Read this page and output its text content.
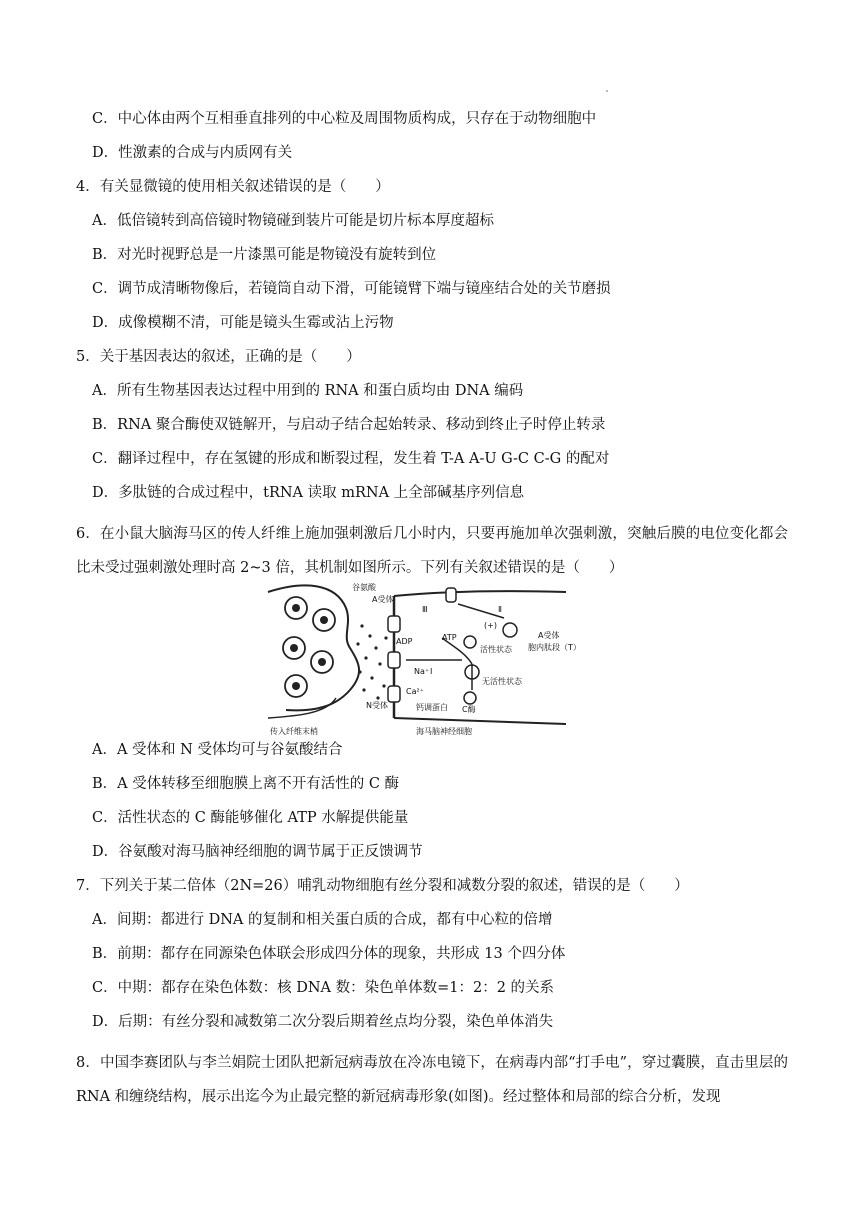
C．中心体由两个互相垂直排列的中心粒及周围物质构成，只存在于动物细胞中
D．性激素的合成与内质网有关
4．有关显微镜的使用相关叙述错误的是（　　）
A．低倍镜转到高倍镜时物镜碰到装片可能是切片标本厚度超标
B．对光时视野总是一片漆黑可能是物镜没有旋转到位
C．调节成清晰物像后，若镜筒自动下滑，可能镜臂下端与镜座结合处的关节磨损
D．成像模糊不清，可能是镜头生霉或沾上污物
5．关于基因表达的叙述，正确的是（　　）
A．所有生物基因表达过程中用到的 RNA 和蛋白质均由 DNA 编码
B．RNA 聚合酶使双链解开，与启动子结合起始转录、移动到终止子时停止转录
C．翻译过程中，存在氢键的形成和断裂过程，发生着 T-A A-U G-C C-G 的配对
D．多肽链的合成过程中，tRNA 读取 mRNA 上全部碱基序列信息
6．在小鼠大脑海马区的传人纤维上施加强刺激后几小时内，只要再施加单次强刺激，突触后膜的电位变化都会比未受过强刺激处理时高 2~3 倍，其机制如图所示。下列有关叙述错误的是（　　）
谷氨酸
A受体
Ⅲ	Ⅱ
ADP	ATP
(+)
活性状态
Na⁺ Ⅰ
无活性状态
Ca²⁺
A受体
胞内肽段（T）
N受体	钙调蛋白 C酶
传入纤维末梢	海马脑神经细胞
A．A 受体和 N 受体均可与谷氨酸结合
B．A 受体转移至细胞膜上离不开有活性的 C 酶
C．活性状态的 C 酶能够催化 ATP 水解提供能量
D．谷氨酸对海马脑神经细胞的调节属于正反馈调节
7．下列关于某二倍体（2N=26）哺乳动物细胞有丝分裂和减数分裂的叙述，错误的是（　　）
A．间期：都进行 DNA 的复制和相关蛋白质的合成，都有中心粒的倍增
B．前期：都存在同源染色体联会形成四分体的现象，共形成 13 个四分体
C．中期：都存在染色体数：核 DNA 数：染色单体数=1：2：2 的关系
D．后期：有丝分裂和减数第二次分裂后期着丝点均分裂，染色单体消失
8．中国李赛团队与李兰娟院士团队把新冠病毒放在冷冻电镜下，在病毒内部“打手电”，穿过囊膜，直击里层的 RNA 和缠绕结构，展示出迄今为止最完整的新冠病毒形象(如图)。经过整体和局部的综合分析，发现
